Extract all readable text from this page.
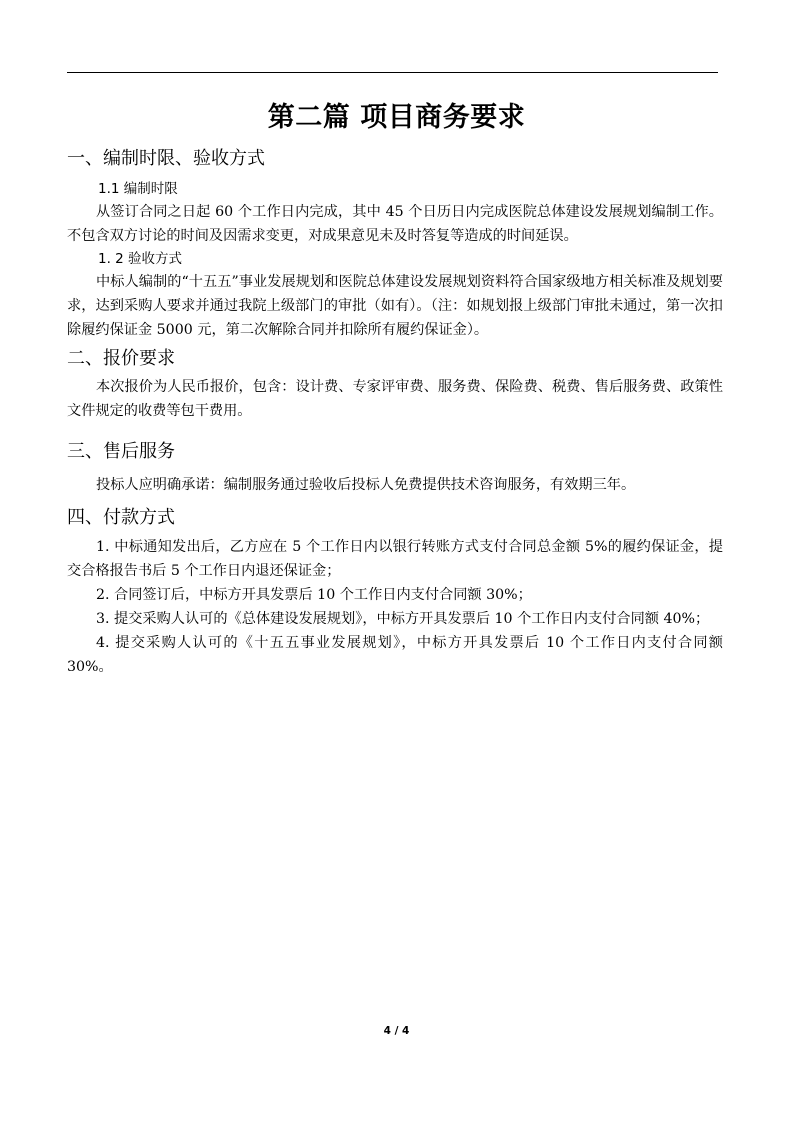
第二篇 项目商务要求
一、编制时限、验收方式
1.1 编制时限

从签订合同之日起 60 个工作日内完成，其中 45 个日历日内完成医院总体建设发展规划编制工作。不包含双方讨论的时间及因需求变更，对成果意见未及时答复等造成的时间延误。

1. 2 验收方式

中标人编制的“十五五”事业发展规划和医院总体建设发展规划资料符合国家级地方相关标准及规划要求，达到采购人要求并通过我院上级部门的审批（如有）。（注：如规划报上级部门审批未通过，第一次扣除履约保证金 5000 元，第二次解除合同并扣除所有履约保证金）。

二、报价要求

本次报价为人民币报价，包含：设计费、专家评审费、服务费、保险费、税费、售后服务费、政策性文件规定的收费等包干费用。

三、售后服务

投标人应明确承诺：编制服务通过验收后投标人免费提供技术咨询服务，有效期三年。

四、付款方式

1. 中标通知发出后，乙方应在 5 个工作日内以银行转账方式支付合同总金额 5%的履约保证金，提交合格报告书后 5 个工作日内退还保证金；

2. 合同签订后，中标方开具发票后 10 个工作日内支付合同额 30%；

3. 提交采购人认可的《总体建设发展规划》，中标方开具发票后 10 个工作日内支付合同额 40%；

4. 提交采购人认可的《十五五事业发展规划》，中标方开具发票后 10 个工作日内支付合同额 30%。

4 / 4
